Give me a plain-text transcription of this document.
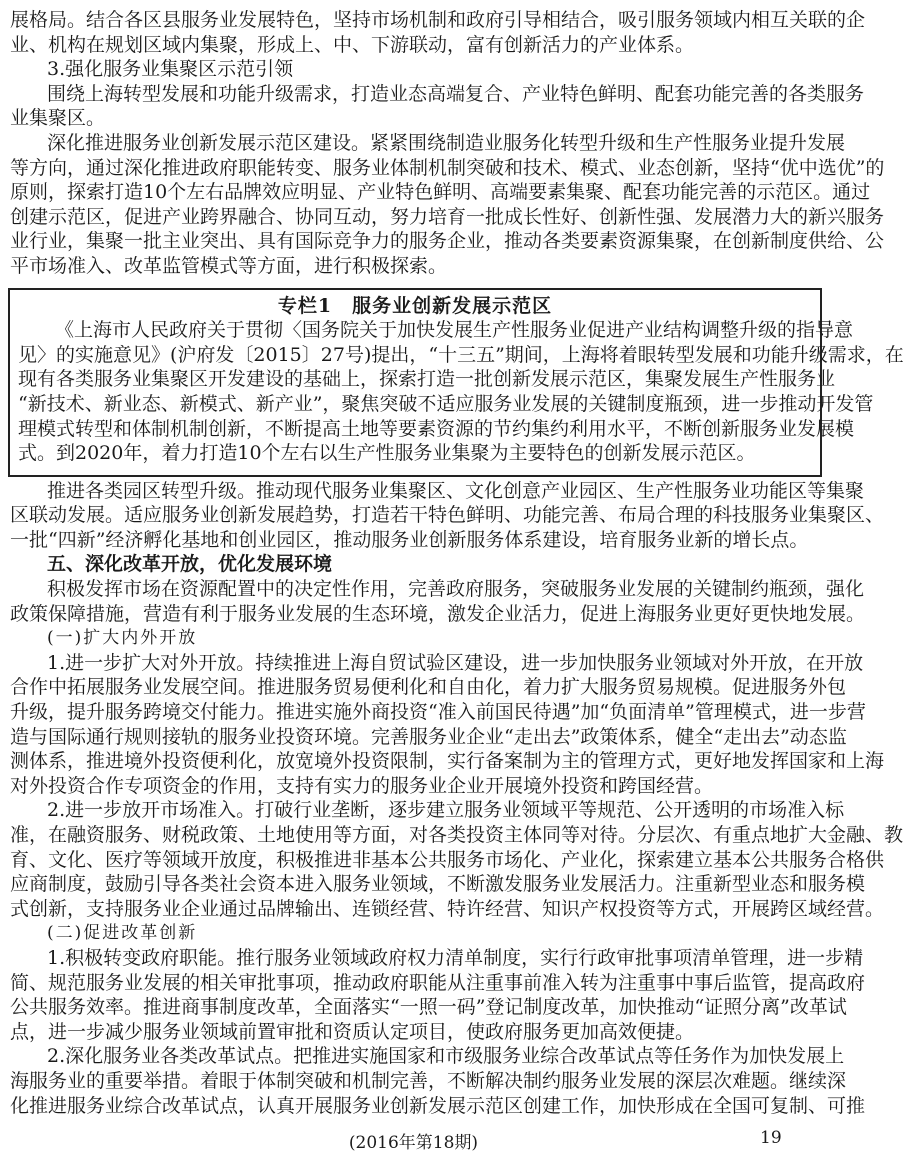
展格局。结合各区县服务业发展特色，坚持市场机制和政府引导相结合，吸引服务领域内相互关联的企
业、机构在规划区域内集聚，形成上、中、下游联动，富有创新活力的产业体系。
3.强化服务业集聚区示范引领
围绕上海转型发展和功能升级需求，打造业态高端复合、产业特色鲜明、配套功能完善的各类服务
业集聚区。
深化推进服务业创新发展示范区建设。紧紧围绕制造业服务化转型升级和生产性服务业提升发展
等方向，通过深化推进政府职能转变、服务业体制机制突破和技术、模式、业态创新，坚持“优中选优”的
原则，探索打造10个左右品牌效应明显、产业特色鲜明、高端要素集聚、配套功能完善的示范区。通过
创建示范区，促进产业跨界融合、协同互动，努力培育一批成长性好、创新性强、发展潜力大的新兴服务
业行业，集聚一批主业突出、具有国际竞争力的服务企业，推动各类要素资源集聚，在创新制度供给、公
平市场准入、改革监管模式等方面，进行积极探索。
专栏1　服务业创新发展示范区
《上海市人民政府关于贯彻〈国务院关于加快发展生产性服务业促进产业结构调整升级的指导意
见〉的实施意见》(沪府发〔2015〕27号)提出，“十三五”期间，上海将着眼转型发展和功能升级需求，在
现有各类服务业集聚区开发建设的基础上，探索打造一批创新发展示范区，集聚发展生产性服务业
“新技术、新业态、新模式、新产业”，聚焦突破不适应服务业发展的关键制度瓶颈，进一步推动开发管
理模式转型和体制机制创新，不断提高土地等要素资源的节约集约利用水平，不断创新服务业发展模
式。到2020年，着力打造10个左右以生产性服务业集聚为主要特色的创新发展示范区。
推进各类园区转型升级。推动现代服务业集聚区、文化创意产业园区、生产性服务业功能区等集聚
区联动发展。适应服务业创新发展趋势，打造若干特色鲜明、功能完善、布局合理的科技服务业集聚区、
一批“四新”经济孵化基地和创业园区，推动服务业创新服务体系建设，培育服务业新的增长点。
五、深化改革开放，优化发展环境
积极发挥市场在资源配置中的决定性作用，完善政府服务，突破服务业发展的关键制约瓶颈，强化
政策保障措施，营造有利于服务业发展的生态环境，激发企业活力，促进上海服务业更好更快地发展。
(一)扩大内外开放
1.进一步扩大对外开放。持续推进上海自贸试验区建设，进一步加快服务业领域对外开放，在开放
合作中拓展服务业发展空间。推进服务贸易便利化和自由化，着力扩大服务贸易规模。促进服务外包
升级，提升服务跨境交付能力。推进实施外商投资“准入前国民待遇”加“负面清单”管理模式，进一步营
造与国际通行规则接轨的服务业投资环境。完善服务业企业“走出去”政策体系，健全“走出去”动态监
测体系，推进境外投资便利化，放宽境外投资限制，实行备案制为主的管理方式，更好地发挥国家和上海
对外投资合作专项资金的作用，支持有实力的服务业企业开展境外投资和跨国经营。
2.进一步放开市场准入。打破行业垄断，逐步建立服务业领域平等规范、公开透明的市场准入标
准，在融资服务、财税政策、土地使用等方面，对各类投资主体同等对待。分层次、有重点地扩大金融、教
育、文化、医疗等领域开放度，积极推进非基本公共服务市场化、产业化，探索建立基本公共服务合格供
应商制度，鼓励引导各类社会资本进入服务业领域，不断激发服务业发展活力。注重新型业态和服务模
式创新，支持服务业企业通过品牌输出、连锁经营、特许经营、知识产权投资等方式，开展跨区域经营。
(二)促进改革创新
1.积极转变政府职能。推行服务业领域政府权力清单制度，实行行政审批事项清单管理，进一步精
简、规范服务业发展的相关审批事项，推动政府职能从注重事前准入转为注重事中事后监管，提高政府
公共服务效率。推进商事制度改革，全面落实“一照一码”登记制度改革，加快推动“证照分离”改革试
点，进一步减少服务业领域前置审批和资质认定项目，使政府服务更加高效便捷。
2.深化服务业各类改革试点。把推进实施国家和市级服务业综合改革试点等任务作为加快发展上
海服务业的重要举措。着眼于体制突破和机制完善，不断解决制约服务业发展的深层次难题。继续深
化推进服务业综合改革试点，认真开展服务业创新发展示范区创建工作，加快形成在全国可复制、可推
(2016年第18期)	19
